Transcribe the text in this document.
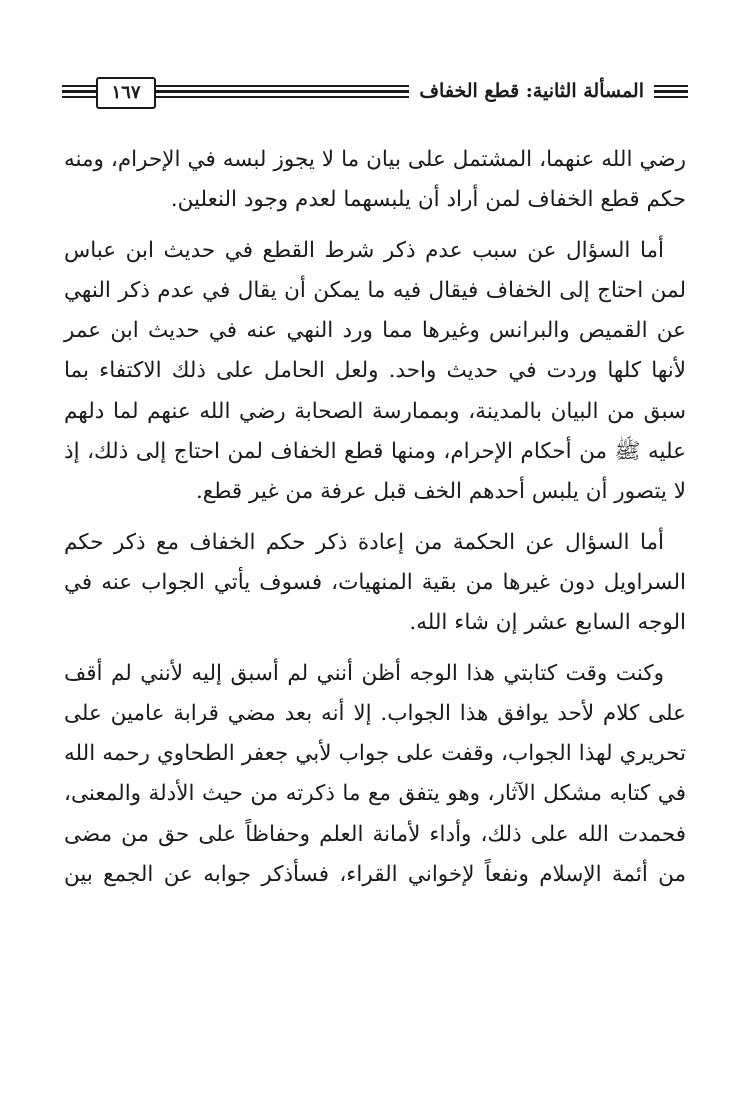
المسألة الثانية: قطع الخفاف
١٦٧

رضي الله عنهما، المشتمل على بيان ما لا يجوز لبسه في الإحرام، ومنه حكم قطع الخفاف لمن أراد أن يلبسهما لعدم وجود النعلين.

أما السؤال عن سبب عدم ذكر شرط القطع في حديث ابن عباس لمن احتاج إلى الخفاف فيقال فيه ما يمكن أن يقال في عدم ذكر النهي عن القميص والبرانس وغيرها مما ورد النهي عنه في حديث ابن عمر لأنها كلها وردت في حديث واحد. ولعل الحامل على ذلك الاكتفاء بما سبق من البيان بالمدينة، وبممارسة الصحابة رضي الله عنهم لما دلهم عليه ﷺ من أحكام الإحرام، ومنها قطع الخفاف لمن احتاج إلى ذلك، إذ لا يتصور أن يلبس أحدهم الخف قبل عرفة من غير قطع.

أما السؤال عن الحكمة من إعادة ذكر حكم الخفاف مع ذكر حكم السراويل دون غيرها من بقية المنهيات، فسوف يأتي الجواب عنه في الوجه السابع عشر إن شاء الله.

وكنت وقت كتابتي هذا الوجه أظن أنني لم أسبق إليه لأنني لم أقف على كلام لأحد يوافق هذا الجواب. إلا أنه بعد مضي قرابة عامين على تحريري لهذا الجواب، وقفت على جواب لأبي جعفر الطحاوي رحمه الله في كتابه مشكل الآثار، وهو يتفق مع ما ذكرته من حيث الأدلة والمعنى، فحمدت الله على ذلك، وأداء لأمانة العلم وحفاظاً على حق من مضى من أئمة الإسلام ونفعاً لإخواني القراء، فسأذكر جوابه عن الجمع بين
